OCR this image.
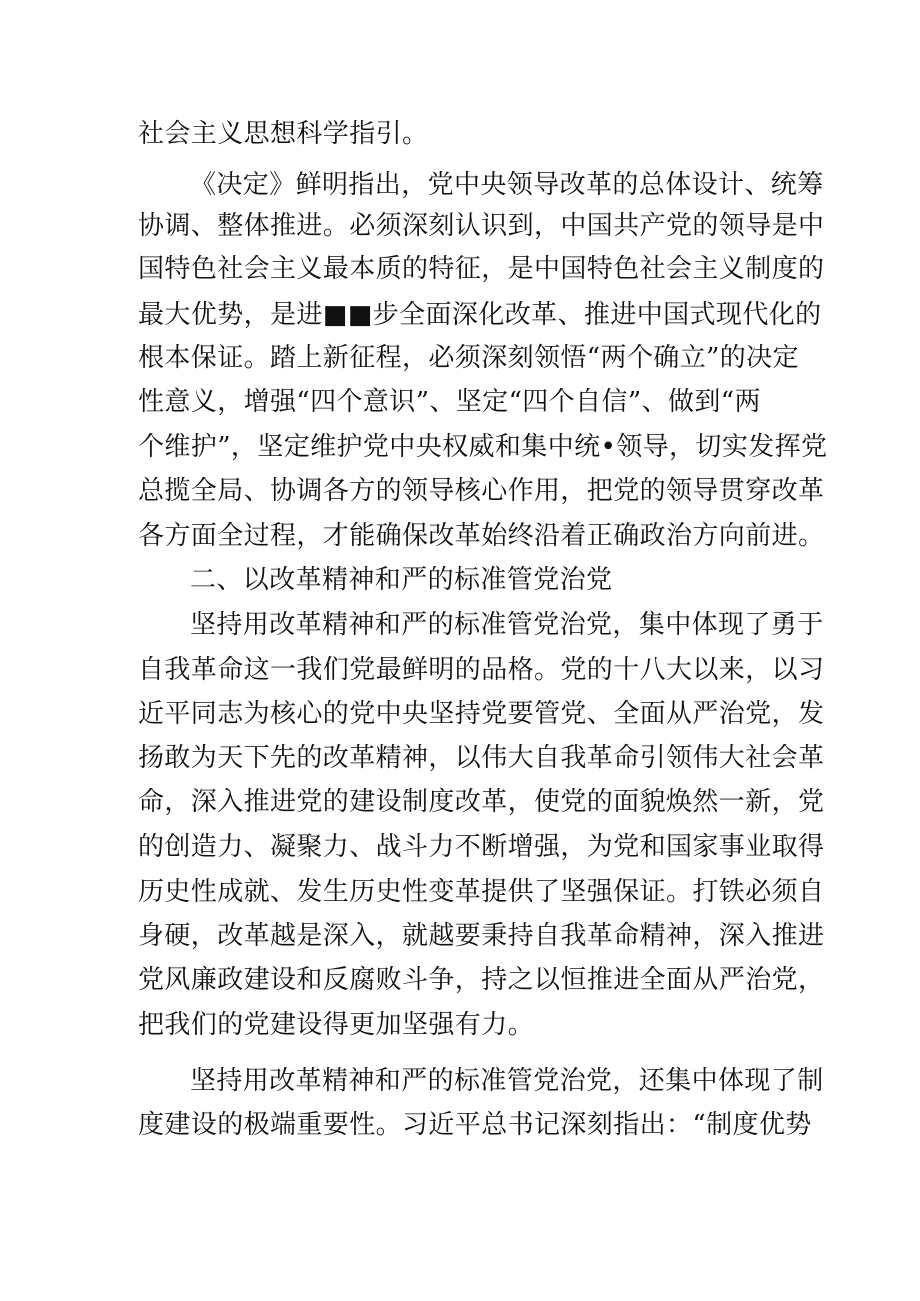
社会主义思想科学指引。
《决定》鲜明指出，党中央领导改革的总体设计、统筹
协调、整体推进。必须深刻认识到，中国共产党的领导是中
国特色社会主义最本质的特征，是中国特色社会主义制度的
最大优势，是进■■步全面深化改革、推进中国式现代化的
根本保证。踏上新征程，必须深刻领悟“两个确立”的决定
性意义，增强“四个意识”、坚定“四个自信”、做到“两
个维护”，坚定维护党中央权威和集中统•领导，切实发挥党
总揽全局、协调各方的领导核心作用，把党的领导贯穿改革
各方面全过程，才能确保改革始终沿着正确政治方向前进。
二、以改革精神和严的标准管党治党
坚持用改革精神和严的标准管党治党，集中体现了勇于
自我革命这一我们党最鲜明的品格。党的十八大以来，以习
近平同志为核心的党中央坚持党要管党、全面从严治党，发
扬敢为天下先的改革精神，以伟大自我革命引领伟大社会革
命，深入推进党的建设制度改革，使党的面貌焕然一新，党
的创造力、凝聚力、战斗力不断增强，为党和国家事业取得
历史性成就、发生历史性变革提供了坚强保证。打铁必须自
身硬，改革越是深入，就越要秉持自我革命精神，深入推进
党风廉政建设和反腐败斗争，持之以恒推进全面从严治党，
把我们的党建设得更加坚强有力。
坚持用改革精神和严的标准管党治党，还集中体现了制
度建设的极端重要性。习近平总书记深刻指出：“制度优势
